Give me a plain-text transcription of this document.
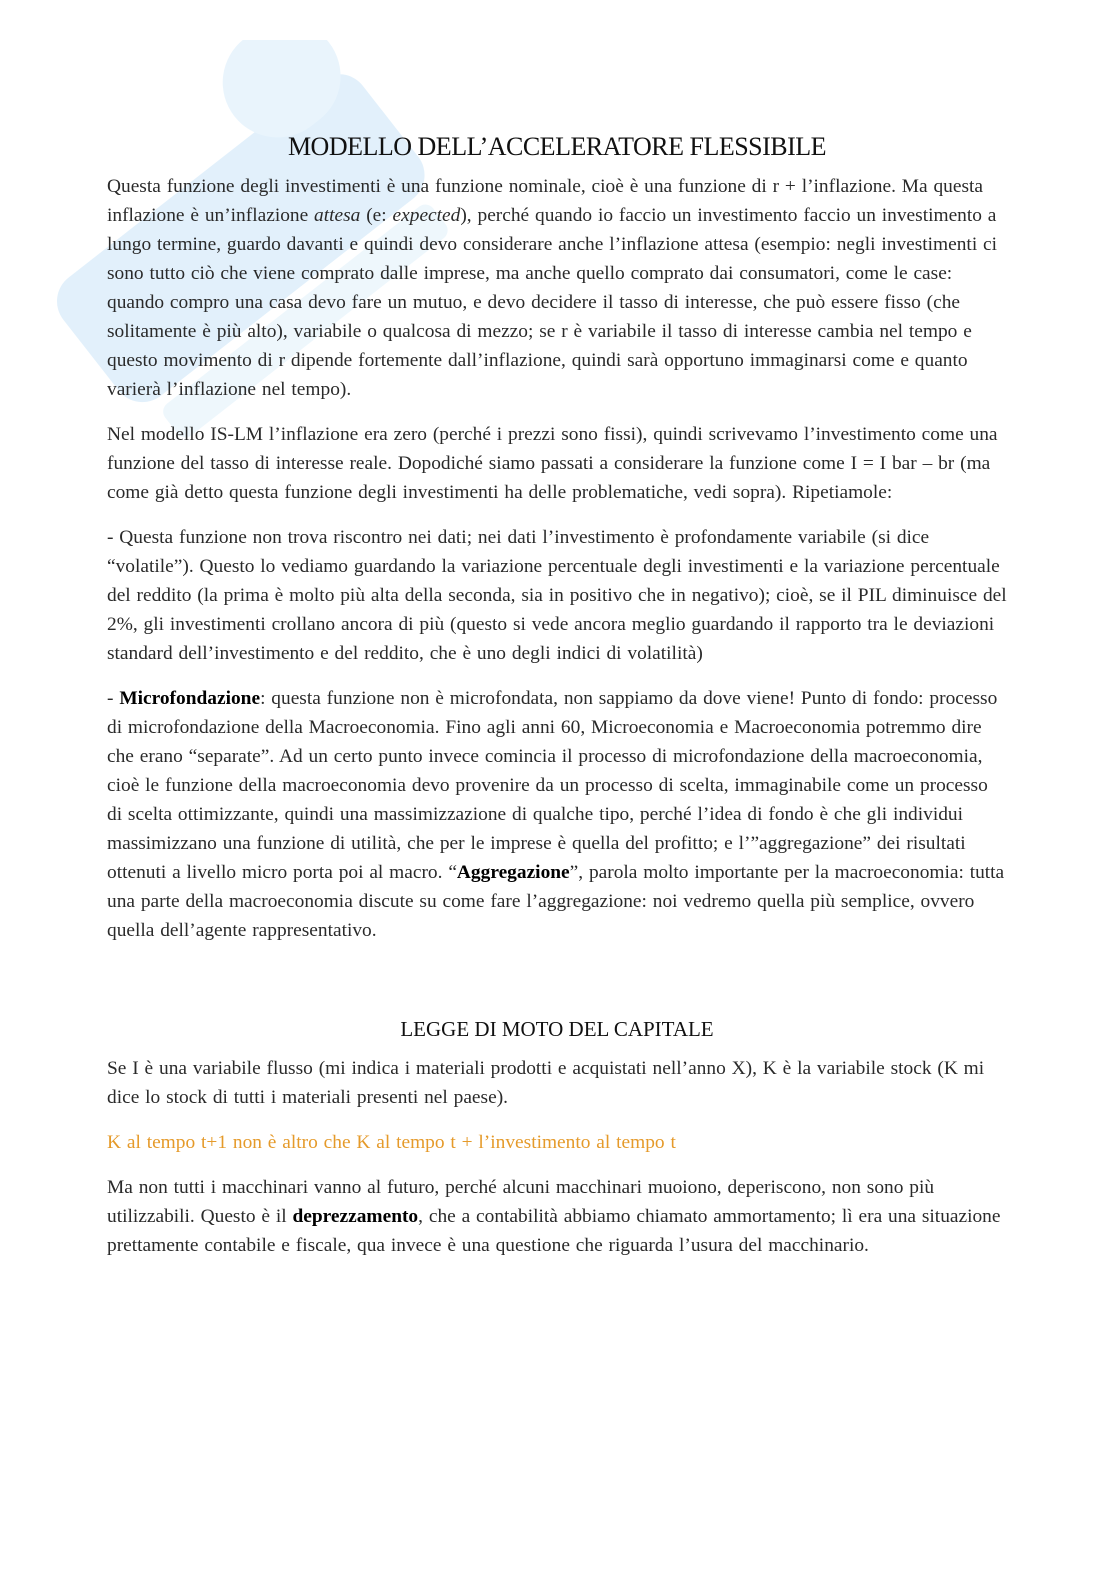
MODELLO DELL’ACCELERATORE FLESSIBILE

Questa funzione degli investimenti è una funzione nominale, cioè è una funzione di r + l’inflazione. Ma questa inflazione è un’inflazione attesa (e: expected), perché quando io faccio un investimento faccio un investimento a lungo termine, guardo davanti e quindi devo considerare anche l’inflazione attesa (esempio: negli investimenti ci sono tutto ciò che viene comprato dalle imprese, ma anche quello comprato dai consumatori, come le case: quando compro una casa devo fare un mutuo, e devo decidere il tasso di interesse, che può essere fisso (che solitamente è più alto), variabile o qualcosa di mezzo; se r è variabile il tasso di interesse cambia nel tempo e questo movimento di r dipende fortemente dall’inflazione, quindi sarà opportuno immaginarsi come e quanto varierà l’inflazione nel tempo).

Nel modello IS-LM l’inflazione era zero (perché i prezzi sono fissi), quindi scrivevamo l’investimento come una funzione del tasso di interesse reale. Dopodiché siamo passati a considerare la funzione come I = I bar – br (ma come già detto questa funzione degli investimenti ha delle problematiche, vedi sopra). Ripetiamole:

- Questa funzione non trova riscontro nei dati; nei dati l’investimento è profondamente variabile (si dice “volatile”). Questo lo vediamo guardando la variazione percentuale degli investimenti e la variazione percentuale del reddito (la prima è molto più alta della seconda, sia in positivo che in negativo); cioè, se il PIL diminuisce del 2%, gli investimenti crollano ancora di più (questo si vede ancora meglio guardando il rapporto tra le deviazioni standard dell’investimento e del reddito, che è uno degli indici di volatilità)

- Microfondazione: questa funzione non è microfondata, non sappiamo da dove viene! Punto di fondo: processo di microfondazione della Macroeconomia. Fino agli anni 60, Microeconomia e Macroeconomia potremmo dire che erano “separate”. Ad un certo punto invece comincia il processo di microfondazione della macroeconomia, cioè le funzione della macroeconomia devo provenire da un processo di scelta, immaginabile come un processo di scelta ottimizzante, quindi una massimizzazione di qualche tipo, perché l’idea di fondo è che gli individui massimizzano una funzione di utilità, che per le imprese è quella del profitto; e l’”aggregazione” dei risultati ottenuti a livello micro porta poi al macro. “Aggregazione”, parola molto importante per la macroeconomia: tutta una parte della macroeconomia discute su come fare l’aggregazione: noi vedremo quella più semplice, ovvero quella dell’agente rappresentativo.

LEGGE DI MOTO DEL CAPITALE

Se I è una variabile flusso (mi indica i materiali prodotti e acquistati nell’anno X), K è la variabile stock (K mi dice lo stock di tutti i materiali presenti nel paese).

K al tempo t+1 non è altro che K al tempo t + l’investimento al tempo t

Ma non tutti i macchinari vanno al futuro, perché alcuni macchinari muoiono, deperiscono, non sono più utilizzabili. Questo è il deprezzamento, che a contabilità abbiamo chiamato ammortamento; lì era una situazione prettamente contabile e fiscale, qua invece è una questione che riguarda l’usura del macchinario.
